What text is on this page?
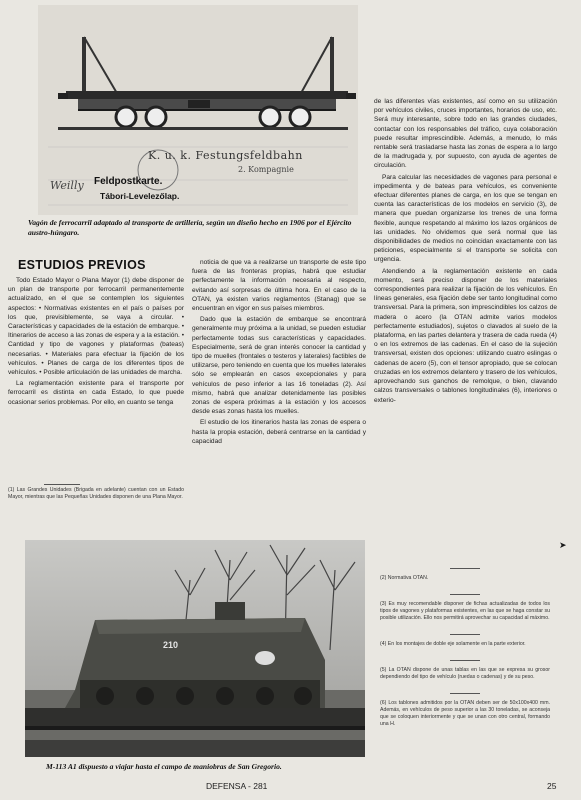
K. u. k. Festungsfeldbahn
2. Kompagnie
Feldpostkarte.
Tábori-Levelezőlap.
Weilly
Vagón de ferrocarril adaptado al transporte de artillería, según un diseño hecho en 1906 por el Ejército austro-húngaro.
ESTUDIOS PREVIOS

Todo Estado Mayor o Plana Mayor (1) debe disponer de un plan de transporte por ferrocarril permanentemente actualizado, en el que se contemplen los siguientes aspectos: • Normativas existentes en el país o países por los que, previsiblemente, se vaya a circular. • Características y capacidades de la estación de embarque. • Itinerarios de acceso a las zonas de espera y a la estación. • Cantidad y tipo de vagones y plataformas (bateas) necesarias. • Materiales para efectuar la fijación de los vehículos. • Planes de carga de los diferentes tipos de vehículos. • Posible articulación de las unidades de marcha.

La reglamentación existente para el transporte por ferrocarril es distinta en cada Estado, lo que puede ocasionar serios problemas. Por ello, en cuanto se tenga

(1) Las Grandes Unidades (Brigada en adelante) cuentan con un Estado Mayor, mientras que las Pequeñas Unidades disponen de una Plana Mayor.

noticia de que va a realizarse un transporte de este tipo fuera de las fronteras propias, habrá que estudiar perfectamente la información necesaria al respecto, evitando así sorpresas de última hora. En el caso de la OTAN, ya existen varios reglamentos (Stanag) que se encuentran en vigor en sus países miembros.

Dado que la estación de embarque se encontrará generalmente muy próxima a la unidad, se pueden estudiar perfectamente todas sus características y capacidades. Especialmente, será de gran interés conocer la cantidad y tipo de muelles (frontales o testeros y laterales) factibles de utilizarse, pero teniendo en cuenta que los muelles laterales sólo se emplearán en casos excepcionales y para vehículos de peso inferior a las 16 toneladas (2). Así mismo, habrá que analizar detenidamente las posibles zonas de espera próximas a la estación y los accesos desde esas zonas hasta los muelles.

El estudio de los itinerarios hasta las zonas de espera o hasta la propia estación, deberá centrarse en la cantidad y capacidad

de las diferentes vías existentes, así como en su utilización por vehículos civiles, cruces importantes, horarios de uso, etc. Será muy interesante, sobre todo en las grandes ciudades, contactar con los responsables del tráfico, cuya colaboración puede resultar imprescindible. Además, a menudo, lo más rentable será trasladarse hasta las zonas de espera a lo largo de la madrugada y, por supuesto, con ayuda de agentes de circulación.

Para calcular las necesidades de vagones para personal e impedimenta y de bateas para vehículos, es conveniente efectuar diferentes planes de carga, en los que se tengan en cuenta las características de los modelos en servicio (3), de manera que puedan organizarse los trenes de una forma flexible, aunque respetando al máximo los lazos orgánicos de las unidades. No olvidemos que será normal que las disponibilidades de medios no coincidan exactamente con las peticiones, especialmente si el transporte se solicita con urgencia.

Atendiendo a la reglamentación existente en cada momento, será preciso disponer de los materiales correspondientes para realizar la fijación de los vehículos. En líneas generales, esa fijación debe ser tanto longitudinal como transversal. Para la primera, son imprescindibles los calzos de madera o acero (la OTAN admite varios modelos perfectamente estudiados), sujetos o clavados al suelo de la plataforma, en las partes delantera y trasera de cada rueda (4) o en los extremos de las cadenas. En el caso de la sujeción transversal, existen dos opciones: utilizando cuatro eslingas o cadenas de acero (5), con el tensor apropiado, que se colocan cruzadas en los extremos delantero y trasero de los vehículos, aprovechando sus ganchos de remolque, o bien, clavando calzos transversales o tablones longitudinales (6), interiores o exterio-

➤

(2) Normativa OTAN.

(3) Es muy recomendable disponer de fichas actualizadas de todos los tipos de vagones y plataformas existentes, en las que se haga constar su posible utilización. Ello nos permitirá aprovechar su capacidad al máximo.

(4) En los montajes de doble eje solamente en la parte exterior.

(5) La OTAN dispone de unas tablas en las que se expresa su grosor dependiendo del tipo de vehículo (ruedas o cadenas) y de su peso.

(6) Los tablones admitidos por la OTAN deben ser de 50x100x400 mm. Además, en vehículos de peso superior a las 30 toneladas, se aconseja que se coloquen interiormente y que se unan con otro central, formando una H.

210
M-113 A1 dispuesto a viajar hasta el campo de maniobras de San Gregorio.
DEFENSA - 281	25
